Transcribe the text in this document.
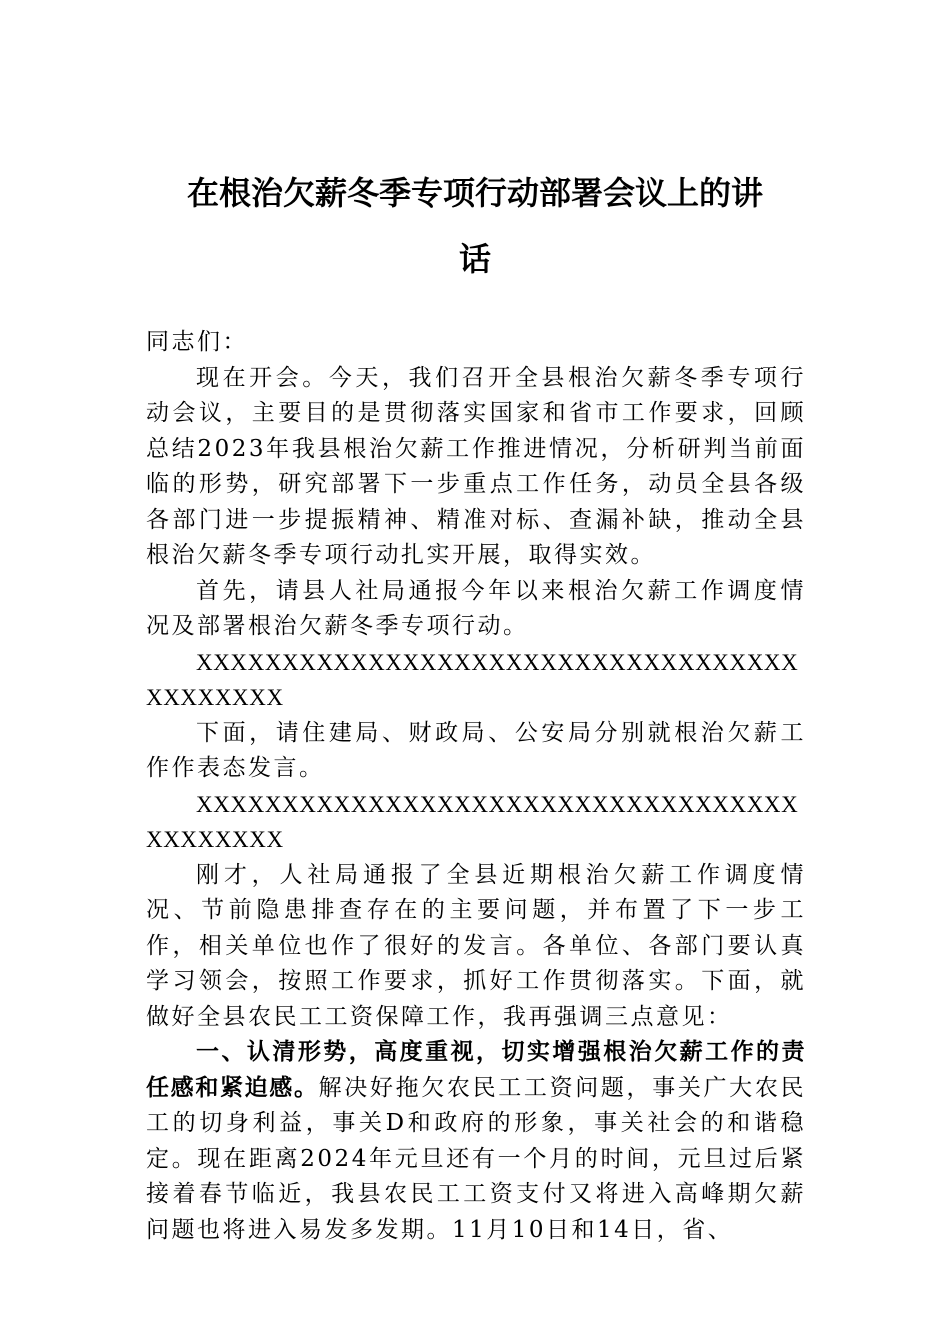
在根治欠薪冬季专项行动部署会议上的讲
话

同志们：

现在开会。今天，我们召开全县根治欠薪冬季专项行动会议，主要目的是贯彻落实国家和省市工作要求，回顾总结2023年我县根治欠薪工作推进情况，分析研判当前面临的形势，研究部署下一步重点工作任务，动员全县各级各部门进一步提振精神、精准对标、查漏补缺，推动全县根治欠薪冬季专项行动扎实开展，取得实效。

首先，请县人社局通报今年以来根治欠薪工作调度情况及部署根治欠薪冬季专项行动。

XXXXXXXXXXXXXXXXXXXXXXXXXXXXXXXXXXXXXXXXXXX

下面，请住建局、财政局、公安局分别就根治欠薪工作作表态发言。

XXXXXXXXXXXXXXXXXXXXXXXXXXXXXXXXXXXXXXXXXXX

刚才，人社局通报了全县近期根治欠薪工作调度情况、节前隐患排查存在的主要问题，并布置了下一步工作，相关单位也作了很好的发言。各单位、各部门要认真学习领会，按照工作要求，抓好工作贯彻落实。下面，就做好全县农民工工资保障工作，我再强调三点意见：

一、认清形势，高度重视，切实增强根治欠薪工作的责任感和紧迫感。解决好拖欠农民工工资问题，事关广大农民工的切身利益，事关D和政府的形象，事关社会的和谐稳定。现在距离2024年元旦还有一个月的时间，元旦过后紧接着春节临近，我县农民工工资支付又将进入高峰期欠薪问题也将进入易发多发期。11月10日和14日，省、
